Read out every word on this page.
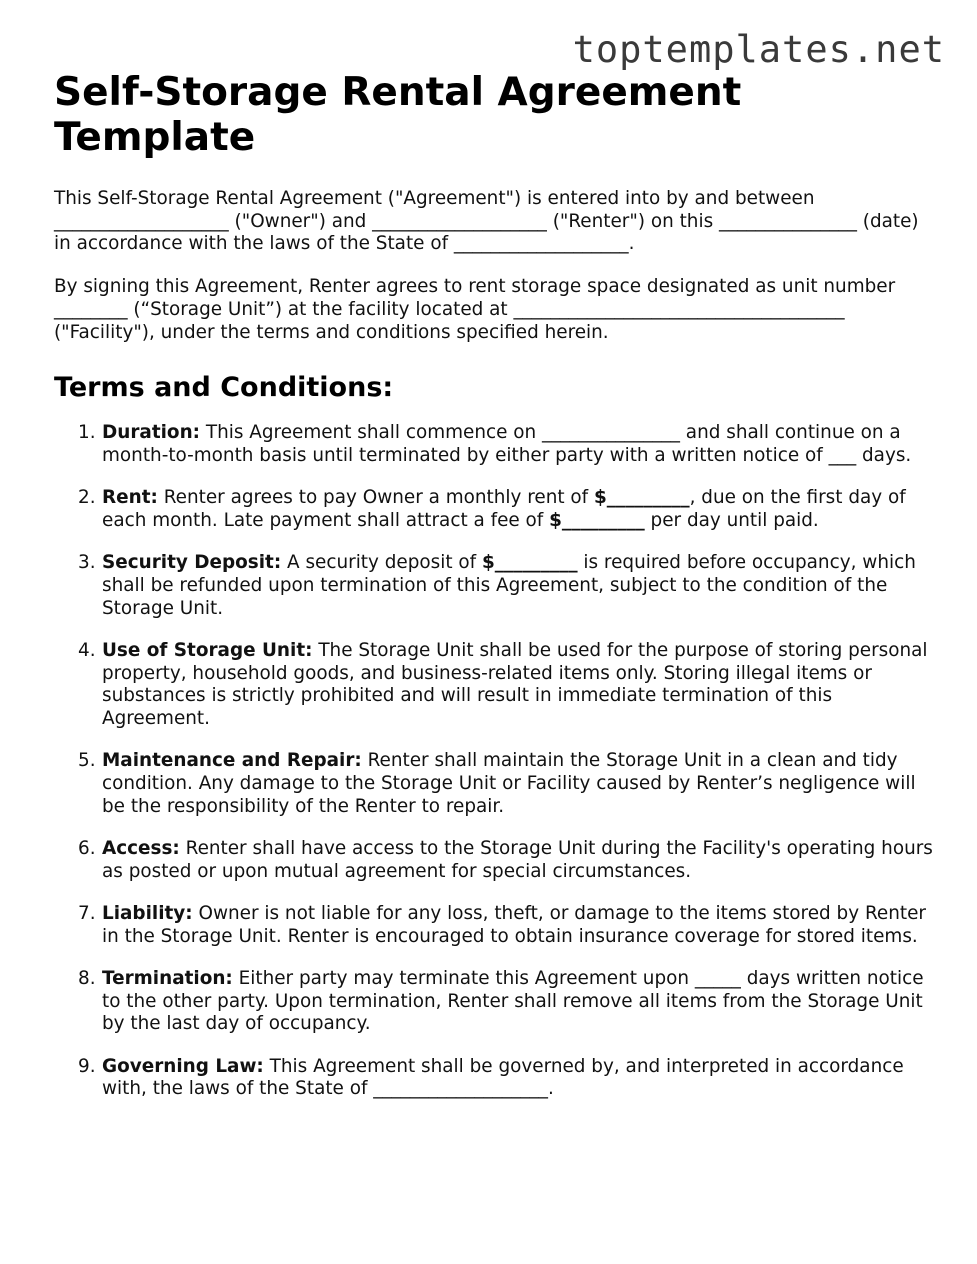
toptemplates.net
Self-Storage Rental Agreement Template

This Self-Storage Rental Agreement ("Agreement") is entered into by and between ___________________ ("Owner") and ___________________ ("Renter") on this _______________ (date) in accordance with the laws of the State of ___________________.

By signing this Agreement, Renter agrees to rent storage space designated as unit number ________ (“Storage Unit”) at the facility located at ____________________________________ ("Facility"), under the terms and conditions specified herein.

Terms and Conditions:
1. Duration: This Agreement shall commence on _______________ and shall continue on a month-to-month basis until terminated by either party with a written notice of ___ days.
2. Rent: Renter agrees to pay Owner a monthly rent of $_________, due on the first day of each month. Late payment shall attract a fee of $_________ per day until paid.
3. Security Deposit: A security deposit of $_________ is required before occupancy, which shall be refunded upon termination of this Agreement, subject to the condition of the Storage Unit.
4. Use of Storage Unit: The Storage Unit shall be used for the purpose of storing personal property, household goods, and business-related items only. Storing illegal items or substances is strictly prohibited and will result in immediate termination of this Agreement.
5. Maintenance and Repair: Renter shall maintain the Storage Unit in a clean and tidy condition. Any damage to the Storage Unit or Facility caused by Renter’s negligence will be the responsibility of the Renter to repair.
6. Access: Renter shall have access to the Storage Unit during the Facility's operating hours as posted or upon mutual agreement for special circumstances.
7. Liability: Owner is not liable for any loss, theft, or damage to the items stored by Renter in the Storage Unit. Renter is encouraged to obtain insurance coverage for stored items.
8. Termination: Either party may terminate this Agreement upon _____ days written notice to the other party. Upon termination, Renter shall remove all items from the Storage Unit by the last day of occupancy.
9. Governing Law: This Agreement shall be governed by, and interpreted in accordance with, the laws of the State of ___________________.
